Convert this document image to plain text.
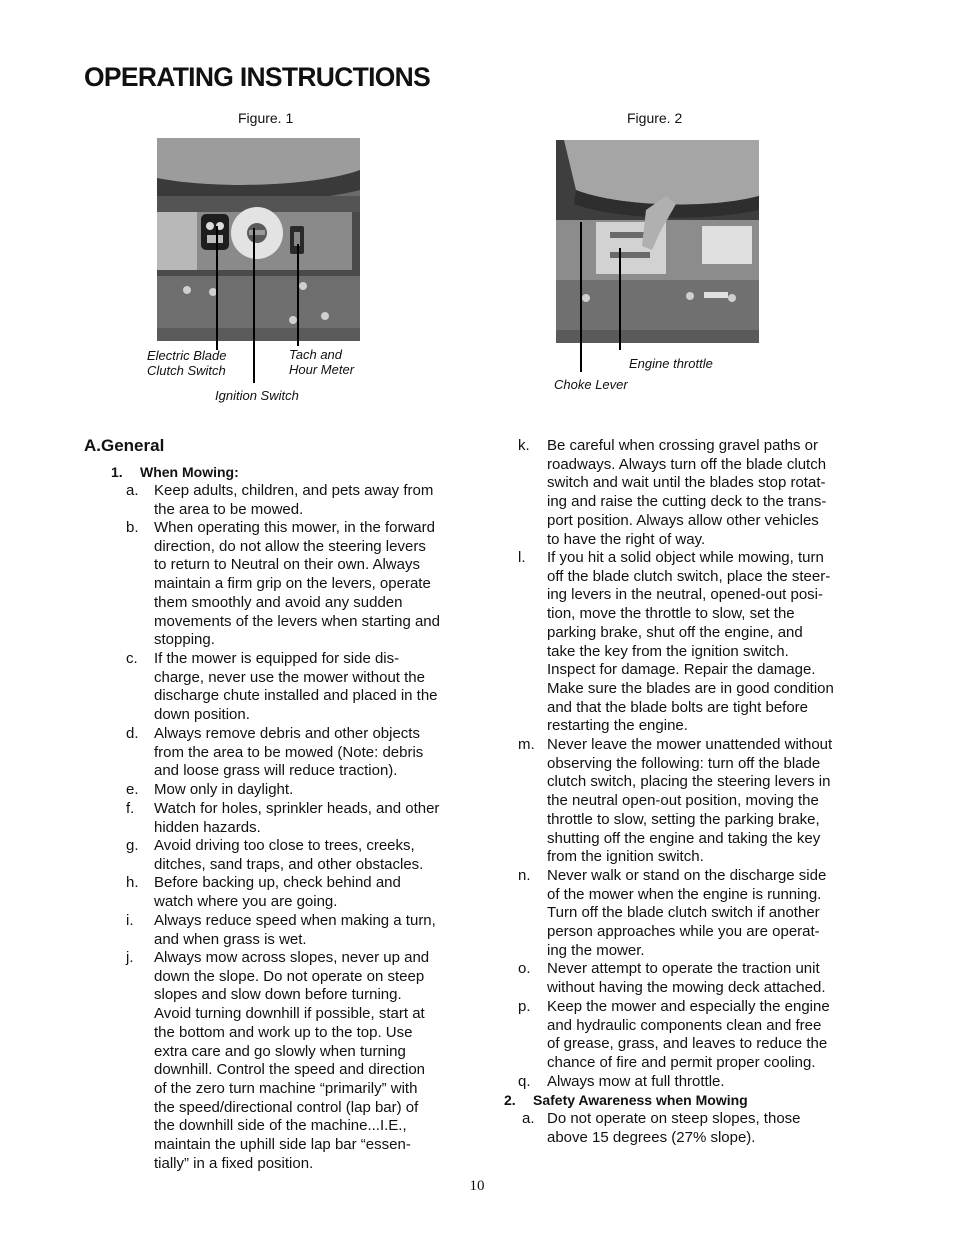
OPERATING INSTRUCTIONS
Figure. 1
Electric Blade
Clutch Switch
Tach and
Hour Meter
Ignition Switch
Figure. 2
Engine throttle
Choke Lever
A.General
1. When Mowing:
a. Keep adults, children, and pets away from
the area to be mowed.
b. When operating this mower, in the forward
direction, do not allow the steering levers
to return to Neutral on their own. Always
maintain a firm grip on the levers, operate
them smoothly and avoid any sudden
movements of the levers when starting and
stopping.
c. If the mower is equipped for side dis-
charge, never use the mower without the
discharge chute installed and placed in the
down position.
d. Always remove debris and other objects
from the area to be mowed (Note: debris
and loose grass will reduce traction).
e. Mow only in daylight.
f. Watch for holes, sprinkler heads, and other
hidden hazards.
g. Avoid driving too close to trees, creeks,
ditches, sand traps, and other obstacles.
h. Before backing up, check behind and
watch where you are going.
i. Always reduce speed when making a turn,
and when grass is wet.
j. Always mow across slopes, never up and
down the slope. Do not operate on steep
slopes and slow down before turning.
Avoid turning downhill if possible, start at
the bottom and work up to the top. Use
extra care and go slowly when turning
downhill. Control the speed and direction
of the zero turn machine “primarily” with
the speed/directional control (lap bar) of
the downhill side of the machine...I.E.,
maintain the uphill side lap bar “essen-
tially” in a fixed position.
k. Be careful when crossing gravel paths or
roadways. Always turn off the blade clutch
switch and wait until the blades stop rotat-
ing and raise the cutting deck to the trans-
port position. Always allow other vehicles
to have the right of way.
l. If you hit a solid object while mowing, turn
off the blade clutch switch, place the steer-
ing levers in the neutral, opened-out posi-
tion, move the throttle to slow, set the
parking brake, shut off the engine, and
take the key from the ignition switch.
Inspect for damage. Repair the damage.
Make sure the blades are in good condition
and that the blade bolts are tight before
restarting the engine.
m. Never leave the mower unattended without
observing the following: turn off the blade
clutch switch, placing the steering levers in
the neutral open-out position, moving the
throttle to slow, setting the parking brake,
shutting off the engine and taking the key
from the ignition switch.
n. Never walk or stand on the discharge side
of the mower when the engine is running.
Turn off the blade clutch switch if another
person approaches while you are operat-
ing the mower.
o. Never attempt to operate the traction unit
without having the mowing deck attached.
p. Keep the mower and especially the engine
and hydraulic components clean and free
of grease, grass, and leaves to reduce the
chance of fire and permit proper cooling.
q. Always mow at full throttle.
2. Safety Awareness when Mowing
a. Do not operate on steep slopes, those
above 15 degrees (27% slope).
10
